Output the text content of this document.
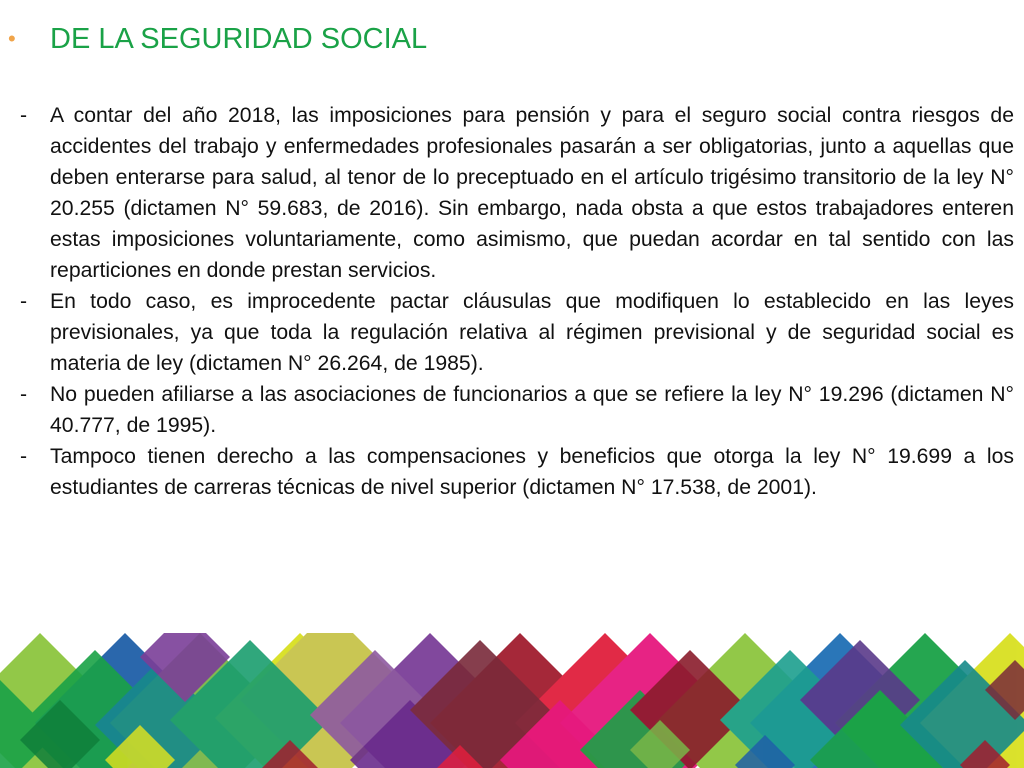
•	DE LA SEGURIDAD SOCIAL
-	A contar del año 2018, las imposiciones para pensión y para el seguro social contra riesgos de accidentes del trabajo y enfermedades profesionales pasarán a ser obligatorias, junto a aquellas que deben enterarse para salud, al tenor de lo preceptuado en el artículo trigésimo transitorio de la ley N° 20.255 (dictamen N° 59.683, de 2016). Sin embargo, nada obsta a que estos trabajadores enteren estas imposiciones voluntariamente, como asimismo, que puedan acordar en tal sentido con las reparticiones en donde prestan servicios.
-	En todo caso, es improcedente pactar cláusulas que modifiquen lo establecido en las leyes previsionales, ya que toda la regulación relativa al régimen previsional y de seguridad social es materia de ley (dictamen N° 26.264, de 1985).
-	No pueden afiliarse a las asociaciones de funcionarios a que se refiere la ley N° 19.296 (dictamen N° 40.777, de 1995).
-	Tampoco tienen derecho a las compensaciones y beneficios que otorga la ley N° 19.699 a los estudiantes de carreras técnicas de nivel superior (dictamen N° 17.538, de 2001).
